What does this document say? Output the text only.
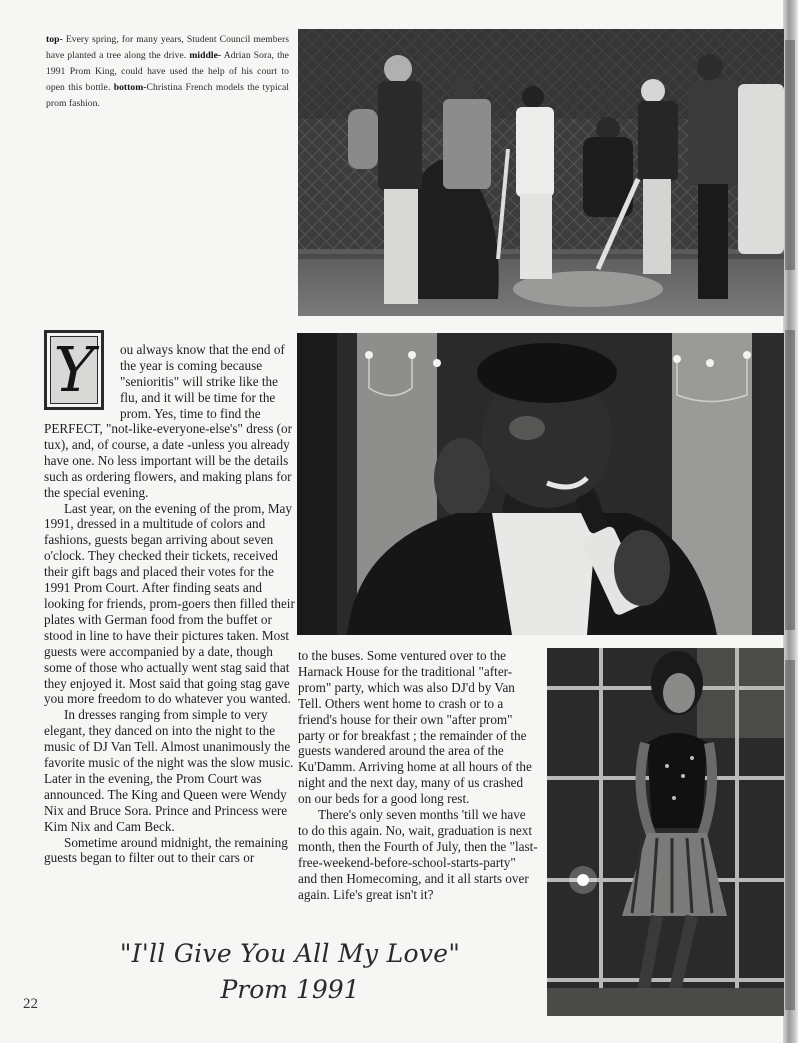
top- Every spring, for many years, Student Council members have planted a tree along the drive. middle- Adrian Sora, the 1991 Prom King, could have used the help of his court to open this bottle. bottom-Christina French models the typical prom fashion.

Y ou always know that the end of the year is coming because "senioritis" will strike like the flu, and it will be time for the prom. Yes, time to find the

PERFECT, "not-like-everyone-else's" dress (or tux), and, of course, a date -unless you already have one. No less important will be the details such as ordering flowers, and making plans for the special evening.

Last year, on the evening of the prom, May 1991, dressed in a multitude of colors and fashions, guests began arriving about seven o'clock. They checked their tickets, received their gift bags and placed their votes for the 1991 Prom Court. After finding seats and looking for friends, prom-goers then filled their plates with German food from the buffet or stood in line to have their pictures taken. Most guests were accompanied by a date, though some of those who actually went stag said that they enjoyed it. Most said that going stag gave you more freedom to do whatever you wanted.

In dresses ranging from simple to very elegant, they danced on into the night to the music of DJ Van Tell. Almost unanimously the favorite music of the night was the slow music. Later in the evening, the Prom Court was announced. The King and Queen were Wendy Nix and Bruce Sora. Prince and Princess were Kim Nix and Cam Beck.

Sometime around midnight, the remaining guests began to filter out to their cars or

to the buses. Some ventured over to the Harnack House for the traditional "after-prom" party, which was also DJ'd by Van Tell. Others went home to crash or to a friend's house for their own "after prom" party or for breakfast ; the remainder of the guests wandered around the area of the Ku'Damm. Arriving home at all hours of the night and the next day, many of us crashed on our beds for a good long rest.

There's only seven months 'till we have to do this again. No, wait, graduation is next month, then the Fourth of July, then the "last-free-weekend-before-school-starts-party" and then Homecoming, and it all starts over again. Life's great isn't it?

"I'll Give You All My Love"
Prom 1991
22
